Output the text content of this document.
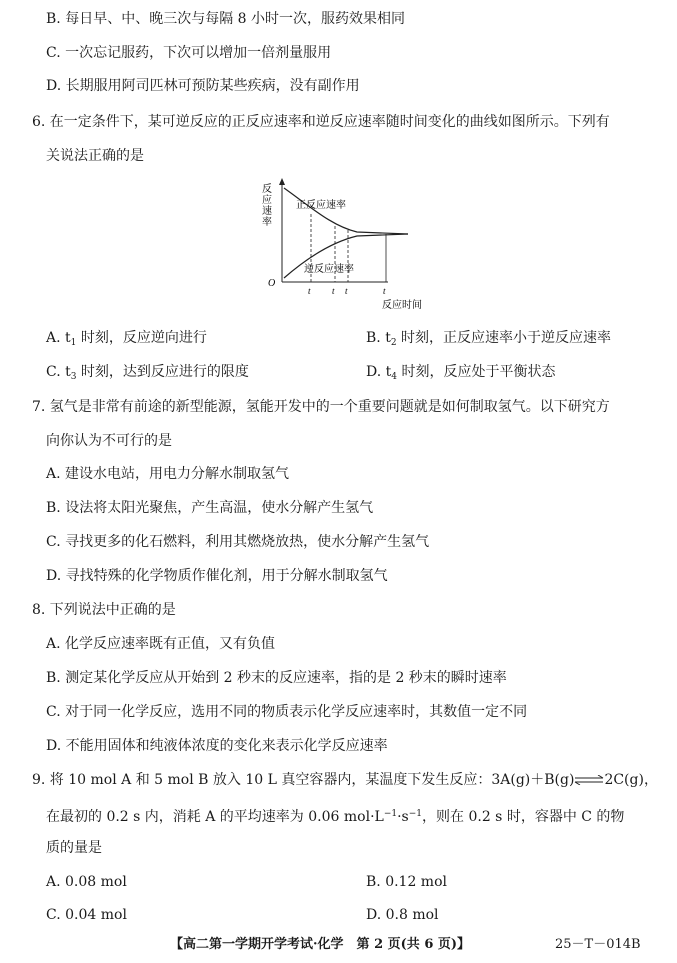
B. 每日早、中、晚三次与每隔 8 小时一次，服药效果相同
C. 一次忘记服药，下次可以增加一倍剂量服用
D. 长期服用阿司匹林可预防某些疾病，没有副作用
6. 在一定条件下，某可逆反应的正反应速率和逆反应速率随时间变化的曲线如图所示。下列有
关说法正确的是
反
应
速
率
O
正反应速率
逆反应速率
t t t	t
反应时间
A. $t_1$ 时刻，反应逆向进行	B. $t_2$ 时刻，正反应速率小于逆反应速率
C. $t_3$ 时刻，达到反应进行的限度	D. $t_4$ 时刻，反应处于平衡状态
7. 氢气是非常有前途的新型能源，氢能开发中的一个重要问题就是如何制取氢气。以下研究方
向你认为不可行的是
A. 建设水电站，用电力分解水制取氢气
B. 设法将太阳光聚焦，产生高温，使水分解产生氢气
C. 寻找更多的化石燃料，利用其燃烧放热，使水分解产生氢气
D. 寻找特殊的化学物质作催化剂，用于分解水制取氢气
8. 下列说法中正确的是
A. 化学反应速率既有正值，又有负值
B. 测定某化学反应从开始到 2 秒末的反应速率，指的是 2 秒末的瞬时速率
C. 对于同一化学反应，选用不同的物质表示化学反应速率时，其数值一定不同
D. 不能用固体和纯液体浓度的变化来表示化学反应速率
9. 将 10 mol A 和 5 mol B 放入 10 L 真空容器内，某温度下发生反应：3A(g)＋B(g)⇌2C(g)，
在最初的 0.2 s 内，消耗 A 的平均速率为 0.06 $mol\cdot L^{-1}\cdot s^{-1}$，则在 0.2 s 时，容器中 C 的物
质的量是
A. 0.08 mol	B. 0.12 mol
C. 0.04 mol	D. 0.8 mol
【高二第一学期开学考试·化学　第 2 页(共 6 页)】	25－T－014B
